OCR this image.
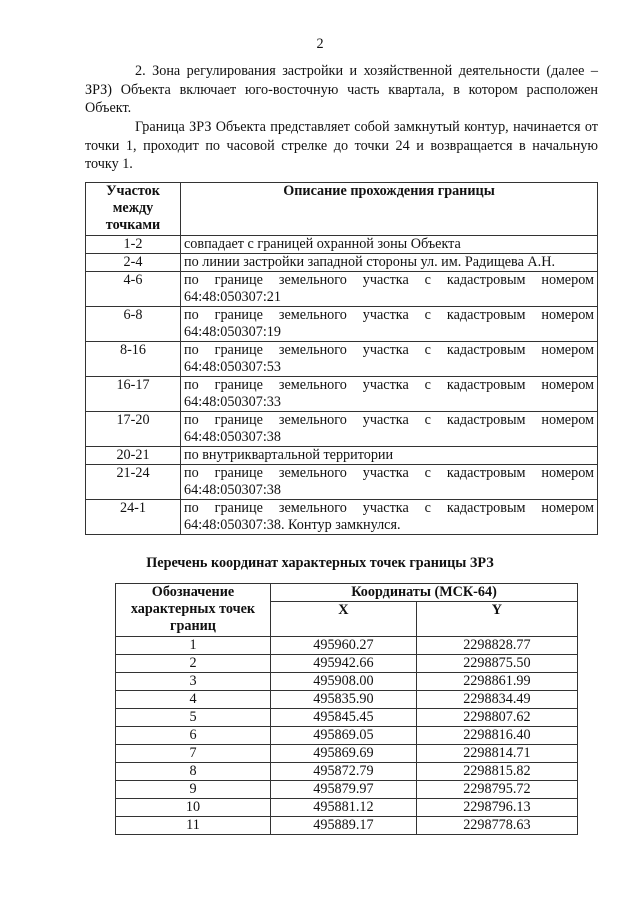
2

2. Зона регулирования застройки и хозяйственной деятельности (далее – ЗРЗ) Объекта включает юго-восточную часть квартала, в котором расположен Объект.

Граница ЗРЗ Объекта представляет собой замкнутый контур, начинается от точки 1, проходит по часовой стрелке до точки 24 и возвращается в начальную точку 1.

Участок между точками	Описание прохождения границы
1-2	совпадает с границей охранной зоны Объекта
2-4	по линии застройки западной стороны ул. им. Радищева А.Н.
4-6	по границе земельного участка с кадастровым номером 64:48:050307:21
6-8	по границе земельного участка с кадастровым номером 64:48:050307:19
8-16	по границе земельного участка с кадастровым номером 64:48:050307:53
16-17	по границе земельного участка с кадастровым номером 64:48:050307:33
17-20	по границе земельного участка с кадастровым номером 64:48:050307:38
20-21	по внутриквартальной территории
21-24	по границе земельного участка с кадастровым номером 64:48:050307:38
24-1	по границе земельного участка с кадастровым номером 64:48:050307:38. Контур замкнулся.
Перечень координат характерных точек границы ЗРЗ
Обозначение характерных точек границ	Координаты (МСК-64)	
	X	Y
1	495960.27	2298828.77
2	495942.66	2298875.50
3	495908.00	2298861.99
4	495835.90	2298834.49
5	495845.45	2298807.62
6	495869.05	2298816.40
7	495869.69	2298814.71
8	495872.79	2298815.82
9	495879.97	2298795.72
10	495881.12	2298796.13
11	495889.17	2298778.63
